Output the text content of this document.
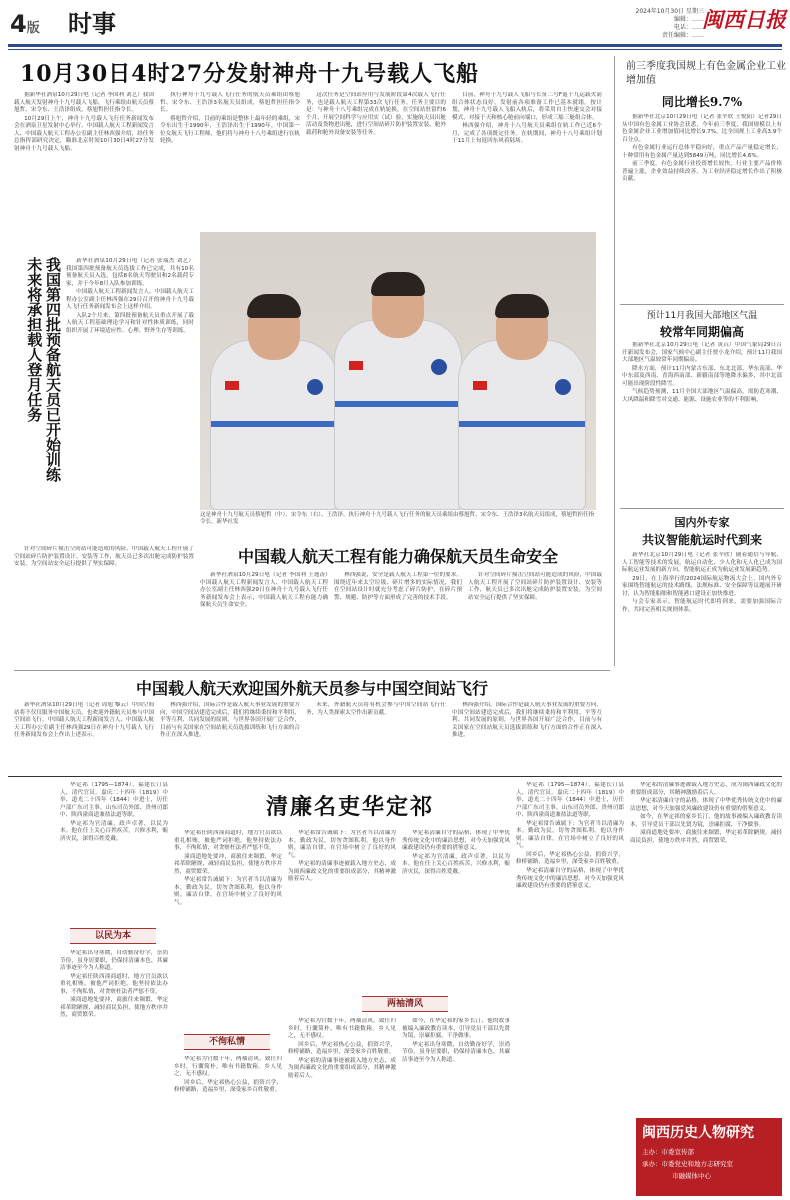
4版 时事	2024年10月30日 星期三
编辑：……
电话：……
责任编辑：……
闽西日报
10月30日4时27分发射神舟十九号载人飞船

据新华社酒泉10月29日电（记者 李国利 刘艺）我国载人航天发射神舟十九号载人飞船，飞行乘组由航天员蔡旭哲、宋令东、王浩泽组成，蔡旭哲担任指令长。

10月29日上午，神舟十九号载人飞行任务新闻发布会在酒泉卫星发射中心举行。中国载人航天工程新闻发言人、中国载人航天工程办公室副主任林西强介绍，经任务总指挥部研究决定，瞄准北京时间10月30日4时27分发射神舟十九号载人飞船。

执行神舟十九号载人飞行任务的航天员乘组由蔡旭哲、宋令东、王浩泽3名航天员组成，蔡旭哲担任指令长。

蔡旭哲介绍，目前的乘组是整体上最年轻的乘组，宋令东出生于1990年，王浩泽出生于1990年，中国第一位女航天飞行工程师，他们将与神舟十八号乘组进行在轨轮换。

这次任务是空间站应用与发展阶段第4次载人飞行任务，也是载人航天工程第33次飞行任务。任务主要目的是：与神舟十八号乘组完成在轨轮换，在空间站驻留约6个月，开展空间科学与应用实（试）验，实施航天员出舱活动及货物进出舱，进行空间站碎片防护装置安装、舱外载荷和舱外设备安装等任务。

目前，神舟十九号载人飞船与长征二号F遥十九运载火箭组合体状态良好，发射前各项准备工作已基本就绪。按计划，神舟十九号载人飞船入轨后，将采用自主快速交会对接模式，对接于天和核心舱前向端口，形成三船三舱组合体。

林西强介绍，神舟十八号航天员乘组在轨工作已近6个月，完成了各项既定任务。在轨期间，神舟十八号乘组计划于11月上旬返回东风着陆场。

我国第四批预备航天员已开始训练
未来将承担载人登月任务	新华社酒泉10月29日电（记者 张瑞杰 刘艺）我国第四批预备航天员选拔工作已完成，共有10名预备航天员入选，包括8名航天驾驶员和2名载荷专家，并于今年8月入队参加训练。

中国载人航天工程新闻发言人、中国载人航天工程办公室副主任林西强在29日召开的神舟十九号载人飞行任务新闻发布会上这样介绍。

入队2个月来，第四批预备航天员重点开展了载人航天工程基础理论学习和针对性体质训练，同时组织开展了环境适应性、心理、野外生存等训练。

这是神舟十九号航天员蔡旭哲（中）、宋令东（右）、王浩泽。执行神舟十九号载人飞行任务的航天员乘组由蔡旭哲、宋令东、王浩泽3名航天员组成，蔡旭哲担任指令长。新华社发
中国载人航天工程有能力确保航天员生命安全

针对空间碎片撞击空间站可能造成的风险，中国载人航天工程开展了空间站碎片防护装置设计、安装等工作，航天员已多次出舱完成防护装置安装，为空间站安全运行提供了坚实保障。

新华社酒泉10月29日电（记者 李国利 王逸涛）中国载人航天工程新闻发言人、中国载人航天工程办公室副主任林西强29日在神舟十九号载人飞行任务新闻发布会上表示，中国载人航天工程有能力确保航天员生命安全。

林西强说，安全是载人航天工程第一位的要求。围绕近年来太空垃圾、碎片增多的实际情况，我们在空间站设计时就充分考虑了碎片防护，在碎片预警、规避、防护等方面形成了完善的技术手段。

针对空间碎片撞击空间站可能造成的风险，中国载人航天工程开展了空间站碎片防护装置设计、安装等工作，航天员已多次出舱完成防护装置安装，为空间站安全运行提供了坚实保障。

中国载人航天欢迎国外航天员参与中国空间站飞行

新华社酒泉10月29日电（记者 周旭 黎云）中国空间站将不仅仅服务中国航天员，也欢迎外籍航天员参与中国空间站飞行。中国载人航天工程新闻发言人、中国载人航天工程办公室副主任林西强29日在神舟十九号载人飞行任务新闻发布会上作出上述表示。

林西强介绍，国际合作是载人航天事业发展的重要方向，中国空间站建造完成后，我们将继续秉持和平利用、平等互利、共同发展的原则，与世界各国开展广泛合作，目前与有关国家在空间站航天员选拔训练和飞行方面的合作正在深入推进。

未来，外籍航天员将有机会参与中国空间站飞行任务，为人类探索太空作出新贡献。

林西强介绍，国际合作是载人航天事业发展的重要方向，中国空间站建造完成后，我们将继续秉持和平利用、平等互利、共同发展的原则，与世界各国开展广泛合作，目前与有关国家在空间站航天员选拔训练和飞行方面的合作正在深入推进。

前三季度我国规上有色金属企业工业增加值
同比增长9.7%

据新华社北京10月29日电（记者 张辛欣 王悦阳）记者29日从中国有色金属工业协会获悉，今年前三季度，我国规模以上有色金属企业工业增加值同比增长9.7%，比全国规上工业高3.9个百分点。

有色金属行业运行总体平稳向好，重点产品产量稳定增长，十种常用有色金属产量达到5849万吨，同比增长4.6%。

前三季度，有色金属行业投资增长较快，行业主要产品价格普遍上涨，企业效益持续改善，为工业经济稳定增长作出了积极贡献。

预计11月我国大部地区气温
较常年同期偏高

据新华社北京10月29日电（记者 黄垚）中国气象局29日召开新闻发布会，国家气候中心副主任贾小龙介绍，预计11月我国大部地区气温较常年同期偏高。

降水方面，预计11月内蒙古东部、东北北部、华东南部、华中东部及西南、青海西南部、新疆南部等地降水偏多，其中北部可能出现阶段性降雪。

气候趋势预测，11月全国大部地区气温偏高，需防范寒潮、大风降温和降雪对交通、能源、设施农业等的不利影响。

国内外专家
共议智能航运时代到来

新华社北京10月29日电（记者 张辛欣）随着通信与导航、人工智能等技术的发展，航运自动化、少人化和无人化已成为国际航运业发展的新方向，智能航运正成为航运业发展新趋势。

29日，在上海举行的2024国际航运物流大会上，国内外专家围绕智能航运的技术路线、法规标准、安全保障等议题展开研讨，认为智能船舶和智能港口建设正加快推进。

与会专家表示，智能航运时代即将到来，需要加强国际合作，共同完善相关规则体系。

清廉名吏华定祁

华定祁（1795—1874），福建长汀县人，清代官员。嘉庆二十四年（1819）中举，道光二十四年（1844）中进士，历任户部广东司主事、山东司员外郎、贵州司郎中、陕西潼商道兼盐法道等职。

华定祁为官清廉，政声卓著，以民为本。他在任上关心百姓疾苦，兴修水利，赈济灾民，深得百姓爱戴。

以民为本

华定祁出身寒微，自幼勤奋好学，崇尚节俭，虽身居要职，仍保持清廉本色，其廉洁事迹至今为人称道。

华定祁任陕西潼商道时，地方官员欲以重礼相贿，被他严词拒绝。他坚持依法办事，不徇私情，对贪赃枉法者严惩不贷。

潼商道地处要冲，商旅往来频繁，华定祁革除陋规，减轻商民负担，使地方秩序井然，商贸繁荣。

华定祁任陕西潼商道时，地方官员欲以重礼相贿，被他严词拒绝。他坚持依法办事，不徇私情，对贪赃枉法者严惩不贷。

潼商道地处要冲，商旅往来频繁，华定祁革除陋规，减轻商民负担，使地方秩序井然，商贸繁荣。

华定祁常告诫属下：为官者当以清廉为本，勤政为民，切勿贪图私利。他以身作则，廉洁自律，在官场中树立了良好的风气。

不徇私情

华定祁为官数十年，两袖清风。致仕归乡时，行囊简朴，唯有书籍数箱。乡人见之，无不感叹。

回乡后，华定祁热心公益，捐资兴学，修桥铺路，造福乡里，深受家乡百姓敬重。

华定祁常告诫属下：为官者当以清廉为本，勤政为民，切勿贪图私利。他以身作则，廉洁自律，在官场中树立了良好的风气。

华定祁的清廉事迹被载入地方史志，成为闽西廉政文化的重要组成部分，其精神激励着后人。

两袖清风

华定祁为官数十年，两袖清风。致仕归乡时，行囊简朴，唯有书籍数箱。乡人见之，无不感叹。

回乡后，华定祁热心公益，捐资兴学，修桥铺路，造福乡里，深受家乡百姓敬重。

华定祁的清廉事迹被载入地方史志，成为闽西廉政文化的重要组成部分，其精神激励着后人。

华定祁清廉自守的品格，体现了中华优秀传统文化中的廉洁思想，对今天加强党风廉政建设仍有重要的借鉴意义。

华定祁为官清廉，政声卓著，以民为本。他在任上关心百姓疾苦，兴修水利，赈济灾民，深得百姓爱戴。

如今，在华定祁的家乡长汀，他的故事被编入廉政教育读本，引导党员干部以先贤为镜，崇廉拒腐，干净做事。

华定祁出身寒微，自幼勤奋好学，崇尚节俭，虽身居要职，仍保持清廉本色，其廉洁事迹至今为人称道。

华定祁（1795—1874），福建长汀县人，清代官员。嘉庆二十四年（1819）中举，道光二十四年（1844）中进士，历任户部广东司主事、山东司员外郎、贵州司郎中、陕西潼商道兼盐法道等职。

华定祁常告诫属下：为官者当以清廉为本，勤政为民，切勿贪图私利。他以身作则，廉洁自律，在官场中树立了良好的风气。

回乡后，华定祁热心公益，捐资兴学，修桥铺路，造福乡里，深受家乡百姓敬重。

华定祁清廉自守的品格，体现了中华优秀传统文化中的廉洁思想，对今天加强党风廉政建设仍有重要的借鉴意义。

华定祁的清廉事迹被载入地方史志，成为闽西廉政文化的重要组成部分，其精神激励着后人。

华定祁清廉自守的品格，体现了中华优秀传统文化中的廉洁思想，对今天加强党风廉政建设仍有重要的借鉴意义。

如今，在华定祁的家乡长汀，他的故事被编入廉政教育读本，引导党员干部以先贤为镜，崇廉拒腐，干净做事。

潼商道地处要冲，商旅往来频繁，华定祁革除陋规，减轻商民负担，使地方秩序井然，商贸繁荣。

闽西历史人物研究
主办：市委宣传部
承办：市委党史和地方志研究室
市融媒体中心
